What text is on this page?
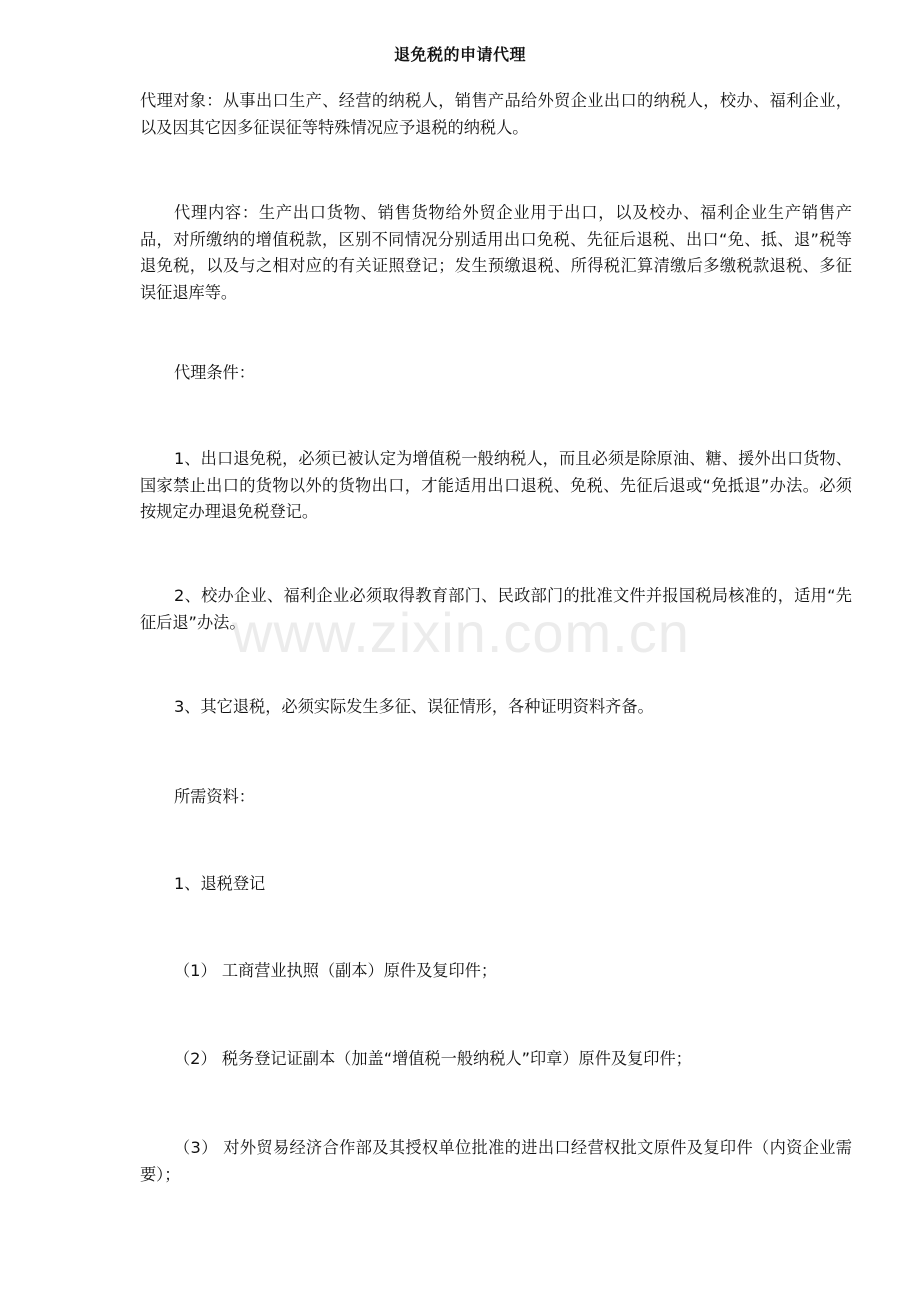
退免税的申请代理

代理对象：从事出口生产、经营的纳税人，销售产品给外贸企业出口的纳税人，校办、福利企业，以及因其它因多征误征等特殊情况应予退税的纳税人。

代理内容：生产出口货物、销售货物给外贸企业用于出口，以及校办、福利企业生产销售产品，对所缴纳的增值税款，区别不同情况分别适用出口免税、先征后退税、出口“免、抵、退”税等退免税，以及与之相对应的有关证照登记；发生预缴退税、所得税汇算清缴后多缴税款退税、多征误征退库等。

代理条件：

1、出口退免税，必须已被认定为增值税一般纳税人，而且必须是除原油、糖、援外出口货物、国家禁止出口的货物以外的货物出口，才能适用出口退税、免税、先征后退或“免抵退”办法。必须按规定办理退免税登记。

2、校办企业、福利企业必须取得教育部门、民政部门的批准文件并报国税局核准的，适用“先征后退”办法。

3、其它退税，必须实际发生多征、误征情形，各种证明资料齐备。
所需资料：
1、退税登记
（1） 工商营业执照（副本）原件及复印件；
（2） 税务登记证副本（加盖“增值税一般纳税人”印章）原件及复印件；

（3） 对外贸易经济合作部及其授权单位批准的进出口经营权批文原件及复印件（内资企业需要）；

www.zixin.com.cn
